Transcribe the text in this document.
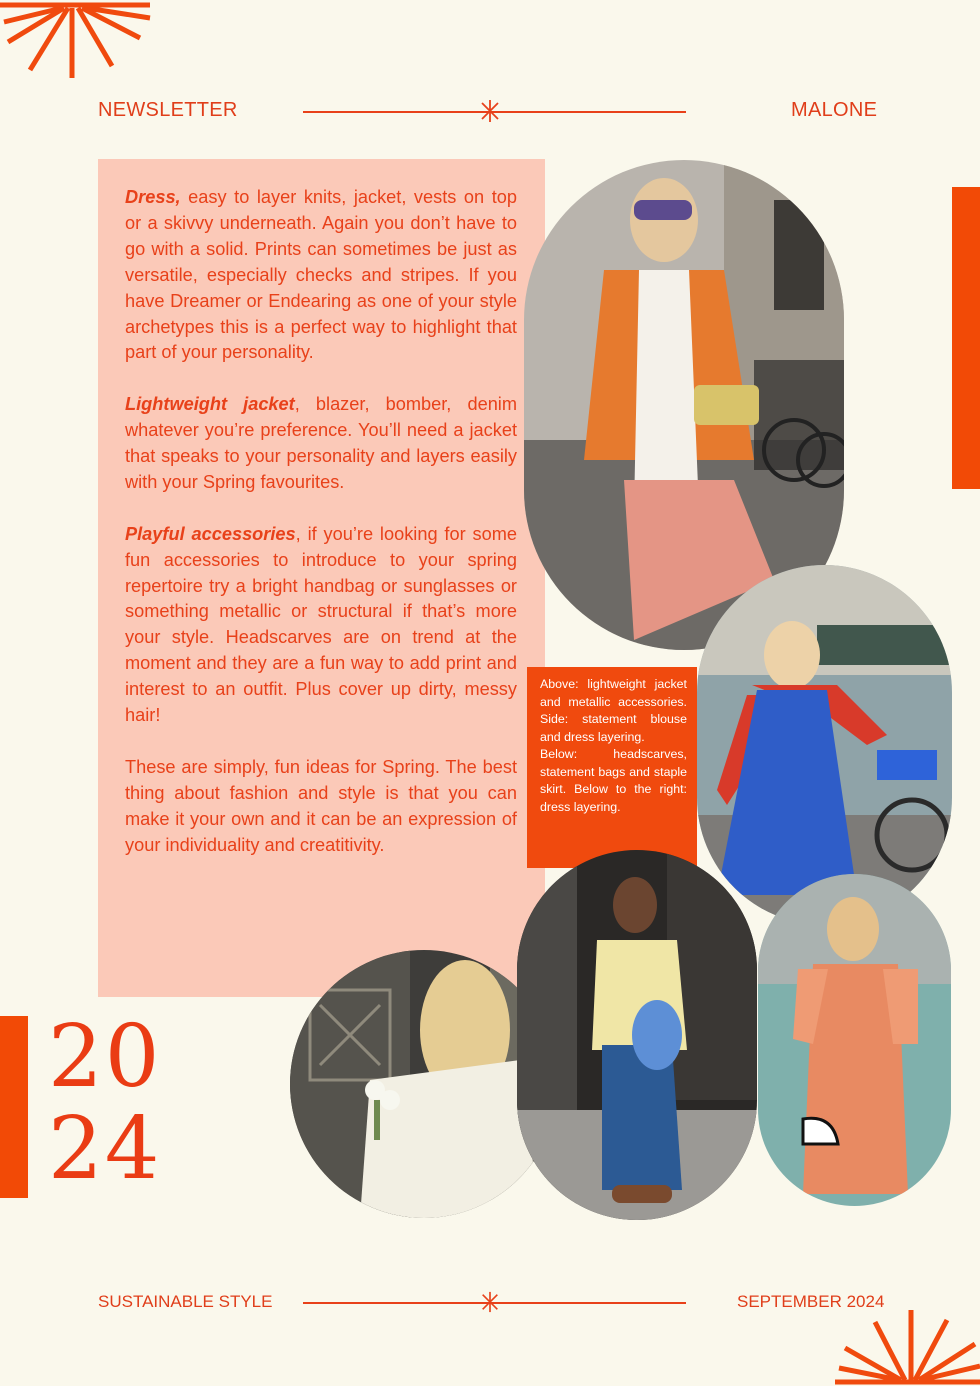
NEWSLETTER	MALONE

Dress, easy to layer knits, jacket, vests on top or a skivvy underneath. Again you don’t have to go with a solid. Prints can sometimes be just as versatile, especially checks and stripes. If you have Dreamer or Endearing as one of your style archetypes this is a perfect way to highlight that part of your personality.

Lightweight jacket, blazer, bomber, denim whatever you’re preference. You’ll need a jacket that speaks to your personality and layers easily with your Spring favourites.

Playful accessories, if you’re looking for some fun accessories to introduce to your spring repertoire try a bright handbag or sunglasses or something metallic or structural if that’s more your style. Headscarves are on trend at the moment and they are a fun way to add print and interest to an outfit. Plus cover up dirty, messy hair!

These are simply, fun ideas for Spring. The best thing about fashion and style is that you can make it your own and it can be an expression of your individuality and creatitivity.

Above: lightweight jacket and metallic accessories. Side: statement blouse and dress layering.
Below: headscarves, statement bags and staple skirt. Below to the right: dress layering.
20
24
SUSTAINABLE STYLE	SEPTEMBER 2024
